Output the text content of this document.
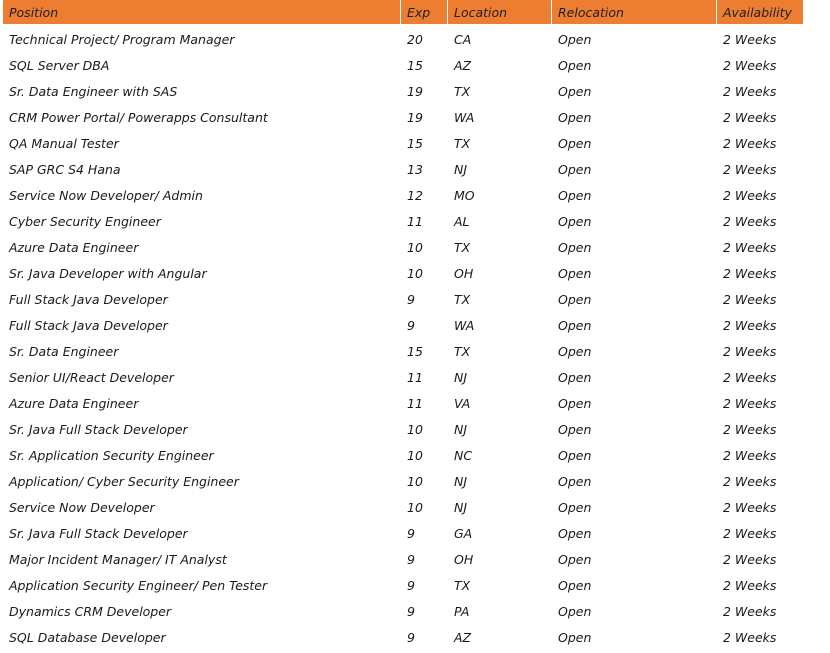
Position	Exp	Location	Relocation	Availability
Technical Project/ Program Manager	20	CA	Open	2 Weeks
SQL Server DBA	15	AZ	Open	2 Weeks
Sr. Data Engineer with SAS	19	TX	Open	2 Weeks
CRM Power Portal/ Powerapps Consultant	19	WA	Open	2 Weeks
QA Manual Tester	15	TX	Open	2 Weeks
SAP GRC S4 Hana	13	NJ	Open	2 Weeks
Service Now Developer/ Admin	12	MO	Open	2 Weeks
Cyber Security Engineer	11	AL	Open	2 Weeks
Azure Data Engineer	10	TX	Open	2 Weeks
Sr. Java Developer with Angular	10	OH	Open	2 Weeks
Full Stack Java Developer	9	TX	Open	2 Weeks
Full Stack Java Developer	9	WA	Open	2 Weeks
Sr. Data Engineer	15	TX	Open	2 Weeks
Senior UI/React Developer	11	NJ	Open	2 Weeks
Azure Data Engineer	11	VA	Open	2 Weeks
Sr. Java Full Stack Developer	10	NJ	Open	2 Weeks
Sr. Application Security Engineer	10	NC	Open	2 Weeks
Application/ Cyber Security Engineer	10	NJ	Open	2 Weeks
Service Now Developer	10	NJ	Open	2 Weeks
Sr. Java Full Stack Developer	9	GA	Open	2 Weeks
Major Incident Manager/ IT Analyst	9	OH	Open	2 Weeks
Application Security Engineer/ Pen Tester	9	TX	Open	2 Weeks
Dynamics CRM Developer	9	PA	Open	2 Weeks
SQL Database Developer	9	AZ	Open	2 Weeks
